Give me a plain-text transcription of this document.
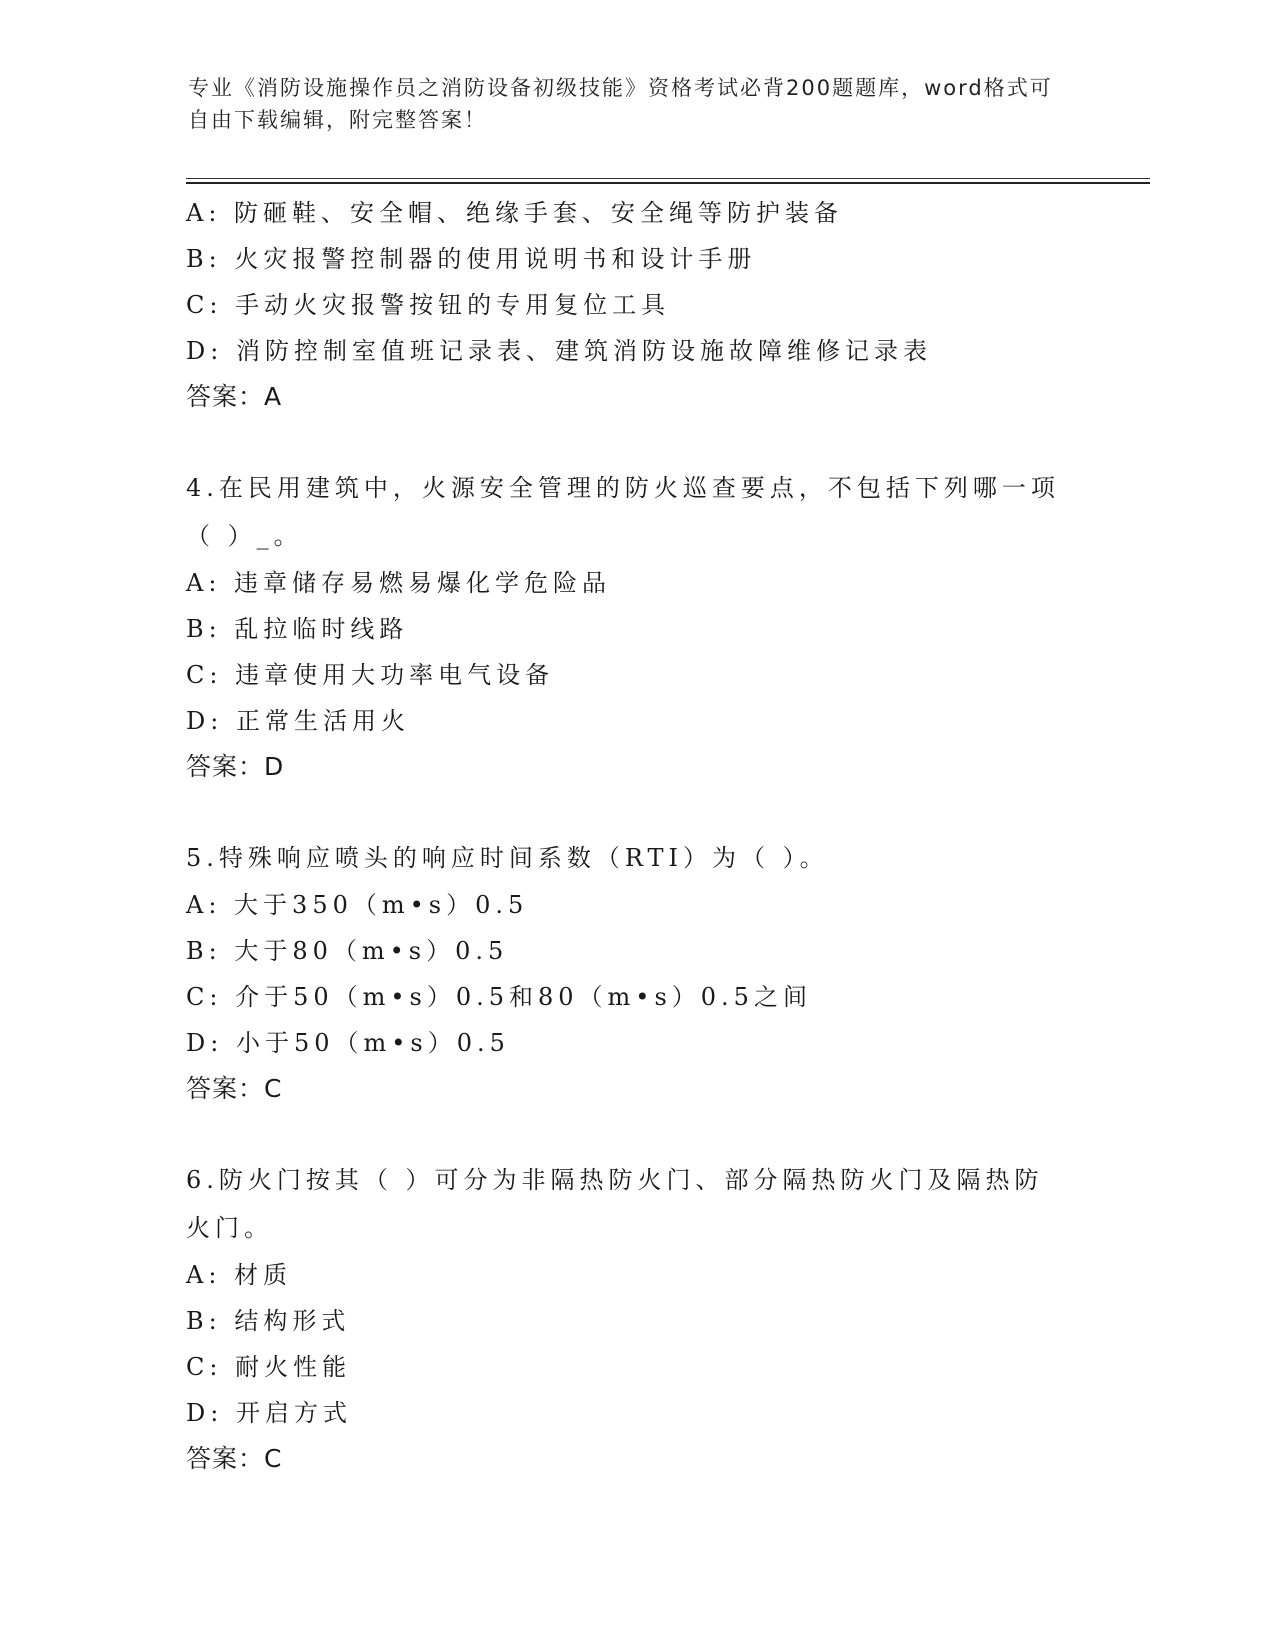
专业《消防设施操作员之消防设备初级技能》资格考试必背200题题库，word格式可自由下载编辑，附完整答案！
A: 防砸鞋、安全帽、绝缘手套、安全绳等防护装备
B: 火灾报警控制器的使用说明书和设计手册
C: 手动火灾报警按钮的专用复位工具
D: 消防控制室值班记录表、建筑消防设施故障维修记录表
答案：A
4.在民用建筑中，火源安全管理的防火巡查要点，不包括下列哪一项（ ）_。
A: 违章储存易燃易爆化学危险品
B: 乱拉临时线路
C: 违章使用大功率电气设备
D: 正常生活用火
答案：D
5.特殊响应喷头的响应时间系数（RTI）为（ ）。
A: 大于350（m•s）0.5
B: 大于80（m•s）0.5
C: 介于50（m•s）0.5和80（m•s）0.5之间
D: 小于50（m•s）0.5
答案：C
6.防火门按其（ ）可分为非隔热防火门、部分隔热防火门及隔热防火门。
A: 材质
B: 结构形式
C: 耐火性能
D: 开启方式
答案：C
